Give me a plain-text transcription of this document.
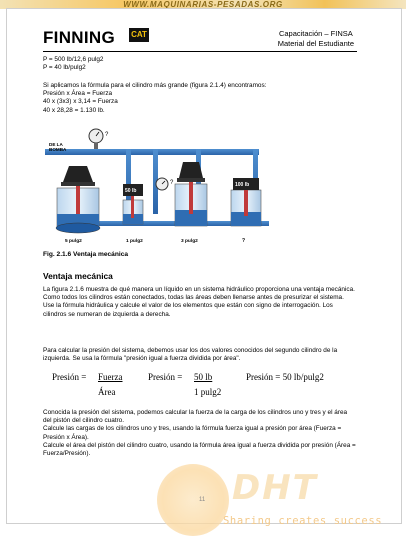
WWW.MAQUINARIAS-PESADAS.ORG
FINNING CAT	Capacitación – FINSA
Material del Estudiante

P = 500 lb/12,6 pulg2

P = 40 lb/pulg2

Si aplicamos la fórmula para el cilindro más grande (figura 2.1.4) encontramos:

Presión x Área = Fuerza

40 x (3x3) x 3,14 = Fuerza

40 x 28,28 = 1.130 lb.

?
DE LA
BOMBA
50 lb
?	100 lb
5 pulg2	1 pulg2	3 pulg2	?
Fig. 2.1.6 Ventaja mecánica
Ventaja mecánica

La figura 2.1.6 muestra de qué manera un líquido en un sistema hidráulico proporciona una ventaja mecánica.

Como todos los cilindros están conectados, todas las áreas deben llenarse antes de presurizar el sistema.

Use la fórmula hidráulica y calcule el valor de los elementos que están con signo de interrogación. Los cilindros se numeran de izquierda a derecha.

Para calcular la presión del sistema, debemos usar los dos valores conocidos del segundo cilindro de la izquierda. Se usa la fórmula "presión igual a fuerza dividida por área".

Presión = Fuerza
Área
Presión = 50 lb
1 pulg2
Presión = 50 lb/pulg2

Conocida la presión del sistema, podemos calcular la fuerza de la carga de los cilindros uno y tres y el área del pistón del cilindro cuatro.

Calcule las cargas de los cilindros uno y tres, usando la fórmula fuerza igual a presión por área (Fuerza = Presión x Área).

Calcule el área del pistón del cilindro cuatro, usando la fórmula área igual a fuerza dividida por presión (Área = Fuerza/Presión).

11 DHT
Sharing creates success
